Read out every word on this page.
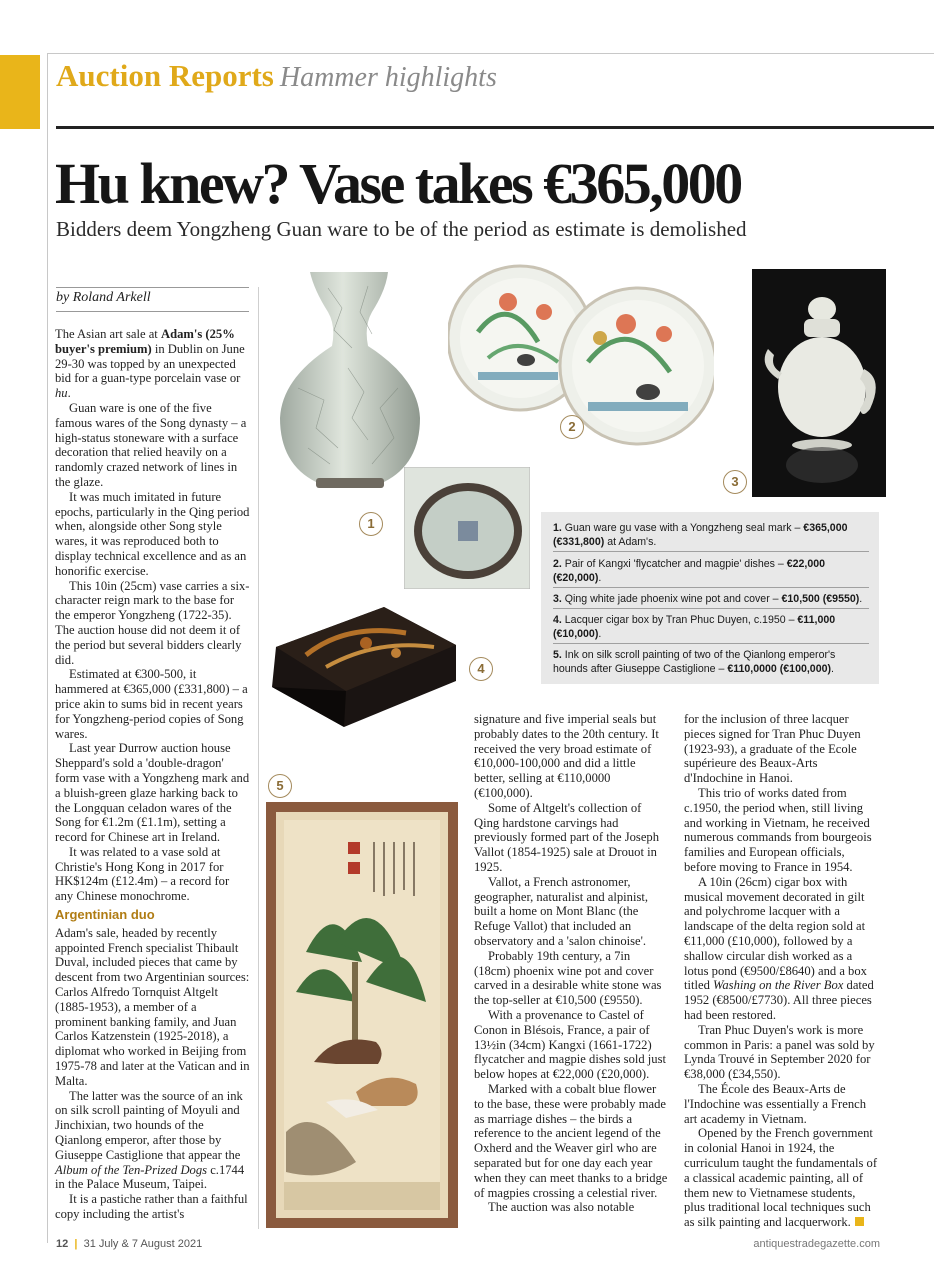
Auction Reports Hammer highlights
Hu knew? Vase takes €365,000
Bidders deem Yongzheng Guan ware to be of the period as estimate is demolished
by Roland Arkell
1
2
3
4
5
1. Guan ware gu vase with a Yongzheng seal mark – €365,000 (€331,800) at Adam's.
2. Pair of Kangxi 'flycatcher and magpie' dishes – €22,000 (€20,000).
3. Qing white jade phoenix wine pot and cover – €10,500 (€9550).
4. Lacquer cigar box by Tran Phuc Duyen, c.1950 – €11,000 (€10,000).
5. Ink on silk scroll painting of two of the Qianlong emperor's hounds after Giuseppe Castiglione – €110,0000 (€100,000).

The Asian art sale at Adam's (25% buyer's premium) in Dublin on June 29-30 was topped by an unexpected bid for a guan-type porcelain vase or hu.

Guan ware is one of the five famous wares of the Song dynasty – a high-status stoneware with a surface decoration that relied heavily on a randomly crazed network of lines in the glaze.

It was much imitated in future epochs, particularly in the Qing period when, alongside other Song style wares, it was reproduced both to display technical excellence and as an honorific exercise.

This 10in (25cm) vase carries a six-character reign mark to the base for the emperor Yongzheng (1722-35). The auction house did not deem it of the period but several bidders clearly did.

Estimated at €300-500, it hammered at €365,000 (£331,800) – a price akin to sums bid in recent years for Yongzheng-period copies of Song wares.

Last year Durrow auction house Sheppard's sold a 'double-dragon' form vase with a Yongzheng mark and a bluish-green glaze harking back to the Longquan celadon wares of the Song for €1.2m (£1.1m), setting a record for Chinese art in Ireland.

It was related to a vase sold at Christie's Hong Kong in 2017 for HK$124m (£12.4m) – a record for any Chinese monochrome.

Argentinian duo

Adam's sale, headed by recently appointed French specialist Thibault Duval, included pieces that came by descent from two Argentinian sources: Carlos Alfredo Tornquist Altgelt (1885-1953), a member of a prominent banking family, and Juan Carlos Katzenstein (1925-2018), a diplomat who worked in Beijing from 1975-78 and later at the Vatican and in Malta.

The latter was the source of an ink on silk scroll painting of Moyuli and Jinchixian, two hounds of the Qianlong emperor, after those by Giuseppe Castiglione that appear the Album of the Ten-Prized Dogs c.1744 in the Palace Museum, Taipei.

It is a pastiche rather than a faithful copy including the artist's

signature and five imperial seals but probably dates to the 20th century. It received the very broad estimate of €10,000-100,000 and did a little better, selling at €110,0000 (€100,000).

Some of Altgelt's collection of Qing hardstone carvings had previously formed part of the Joseph Vallot (1854-1925) sale at Drouot in 1925.

Vallot, a French astronomer, geographer, naturalist and alpinist, built a home on Mont Blanc (the Refuge Vallot) that included an observatory and a 'salon chinoise'.

Probably 19th century, a 7in (18cm) phoenix wine pot and cover carved in a desirable white stone was the top-seller at €10,500 (£9550).

With a provenance to Castel of Conon in Blésois, France, a pair of 13½in (34cm) Kangxi (1661-1722) flycatcher and magpie dishes sold just below hopes at €22,000 (£20,000).

Marked with a cobalt blue flower to the base, these were probably made as marriage dishes – the birds a reference to the ancient legend of the Oxherd and the Weaver girl who are separated but for one day each year when they can meet thanks to a bridge of magpies crossing a celestial river.

The auction was also notable

for the inclusion of three lacquer pieces signed for Tran Phuc Duyen (1923-93), a graduate of the Ecole supérieure des Beaux-Arts d'Indochine in Hanoi.

This trio of works dated from c.1950, the period when, still living and working in Vietnam, he received numerous commands from bourgeois families and European officials, before moving to France in 1954.

A 10in (26cm) cigar box with musical movement decorated in gilt and polychrome lacquer with a landscape of the delta region sold at €11,000 (£10,000), followed by a shallow circular dish worked as a lotus pond (€9500/£8640) and a box titled Washing on the River Box dated 1952 (€8500/£7730). All three pieces had been restored.

Tran Phuc Duyen's work is more common in Paris: a panel was sold by Lynda Trouvé in September 2020 for €38,000 (£34,550).

The École des Beaux-Arts de l'Indochine was essentially a French art academy in Vietnam.

Opened by the French government in colonial Hanoi in 1924, the curriculum taught the fundamentals of a classical academic painting, all of them new to Vietnamese students, plus traditional local techniques such as silk painting and lacquerwork.

12 | 31 July & 7 August 2021	antiquestradegazette.com
